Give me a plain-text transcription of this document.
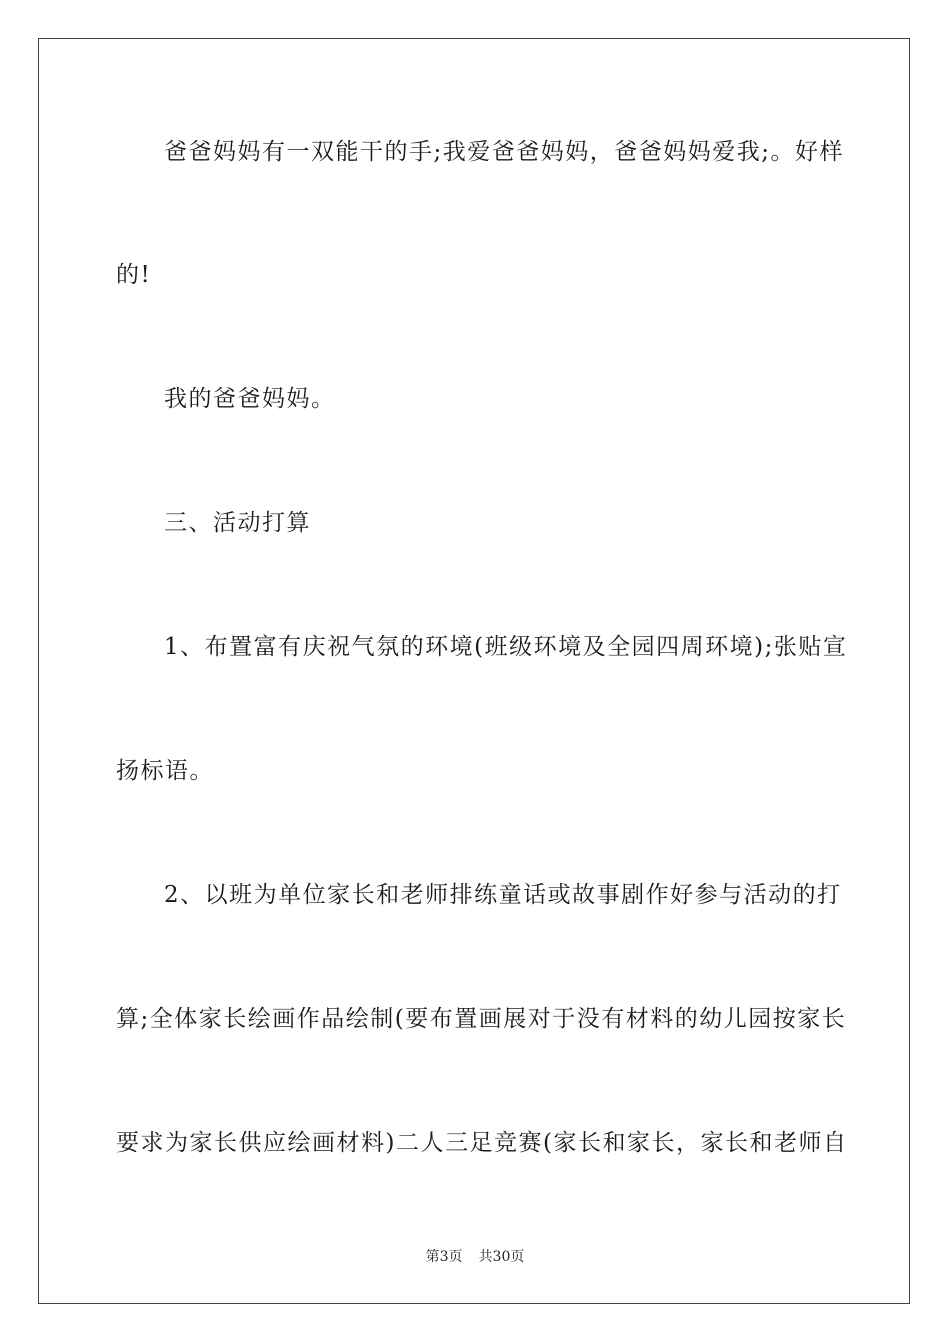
爸爸妈妈有一双能干的手;我爱爸爸妈妈，爸爸妈妈爱我;。好样
的!
我的爸爸妈妈。
三、活动打算
1、布置富有庆祝气氛的环境(班级环境及全园四周环境);张贴宣
扬标语。
2、以班为单位家长和老师排练童话或故事剧作好参与活动的打
算;全体家长绘画作品绘制(要布置画展对于没有材料的幼儿园按家长
要求为家长供应绘画材料)二人三足竞赛(家长和家长，家长和老师自
第3页 共30页
